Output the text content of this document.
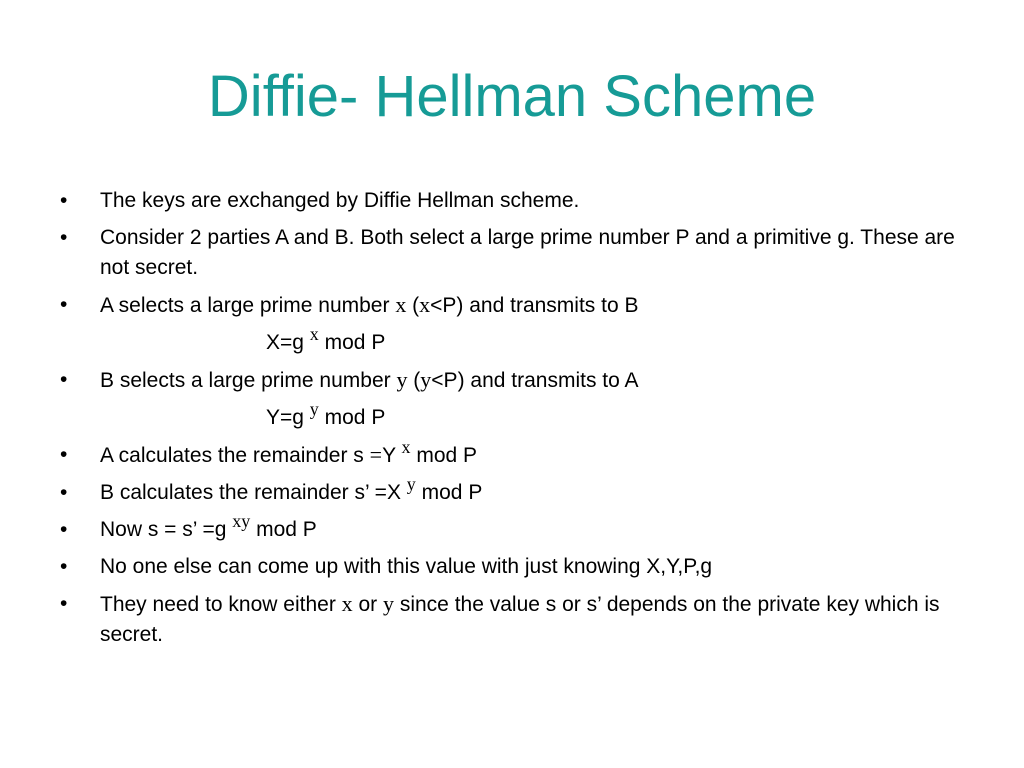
Diffie- Hellman Scheme
• The keys are exchanged by Diffie Hellman scheme.
• Consider 2 parties A and B. Both select a large prime number P and a primitive g. These are not secret.
• A selects a large prime number x (x<P) and transmits to B
X=g $^x$ mod P
• B selects a large prime number y (y<P) and transmits to A
Y=g $^y$ mod P
• A calculates the remainder s =Y $^x$ mod P
• B calculates the remainder s’ =X $^y$ mod P
• Now s = s’ =g $^{xy}$ mod P
• No one else can come up with this value with just knowing X,Y,P,g
• They need to know either x or y since the value s or s’ depends on the private key which is secret.
